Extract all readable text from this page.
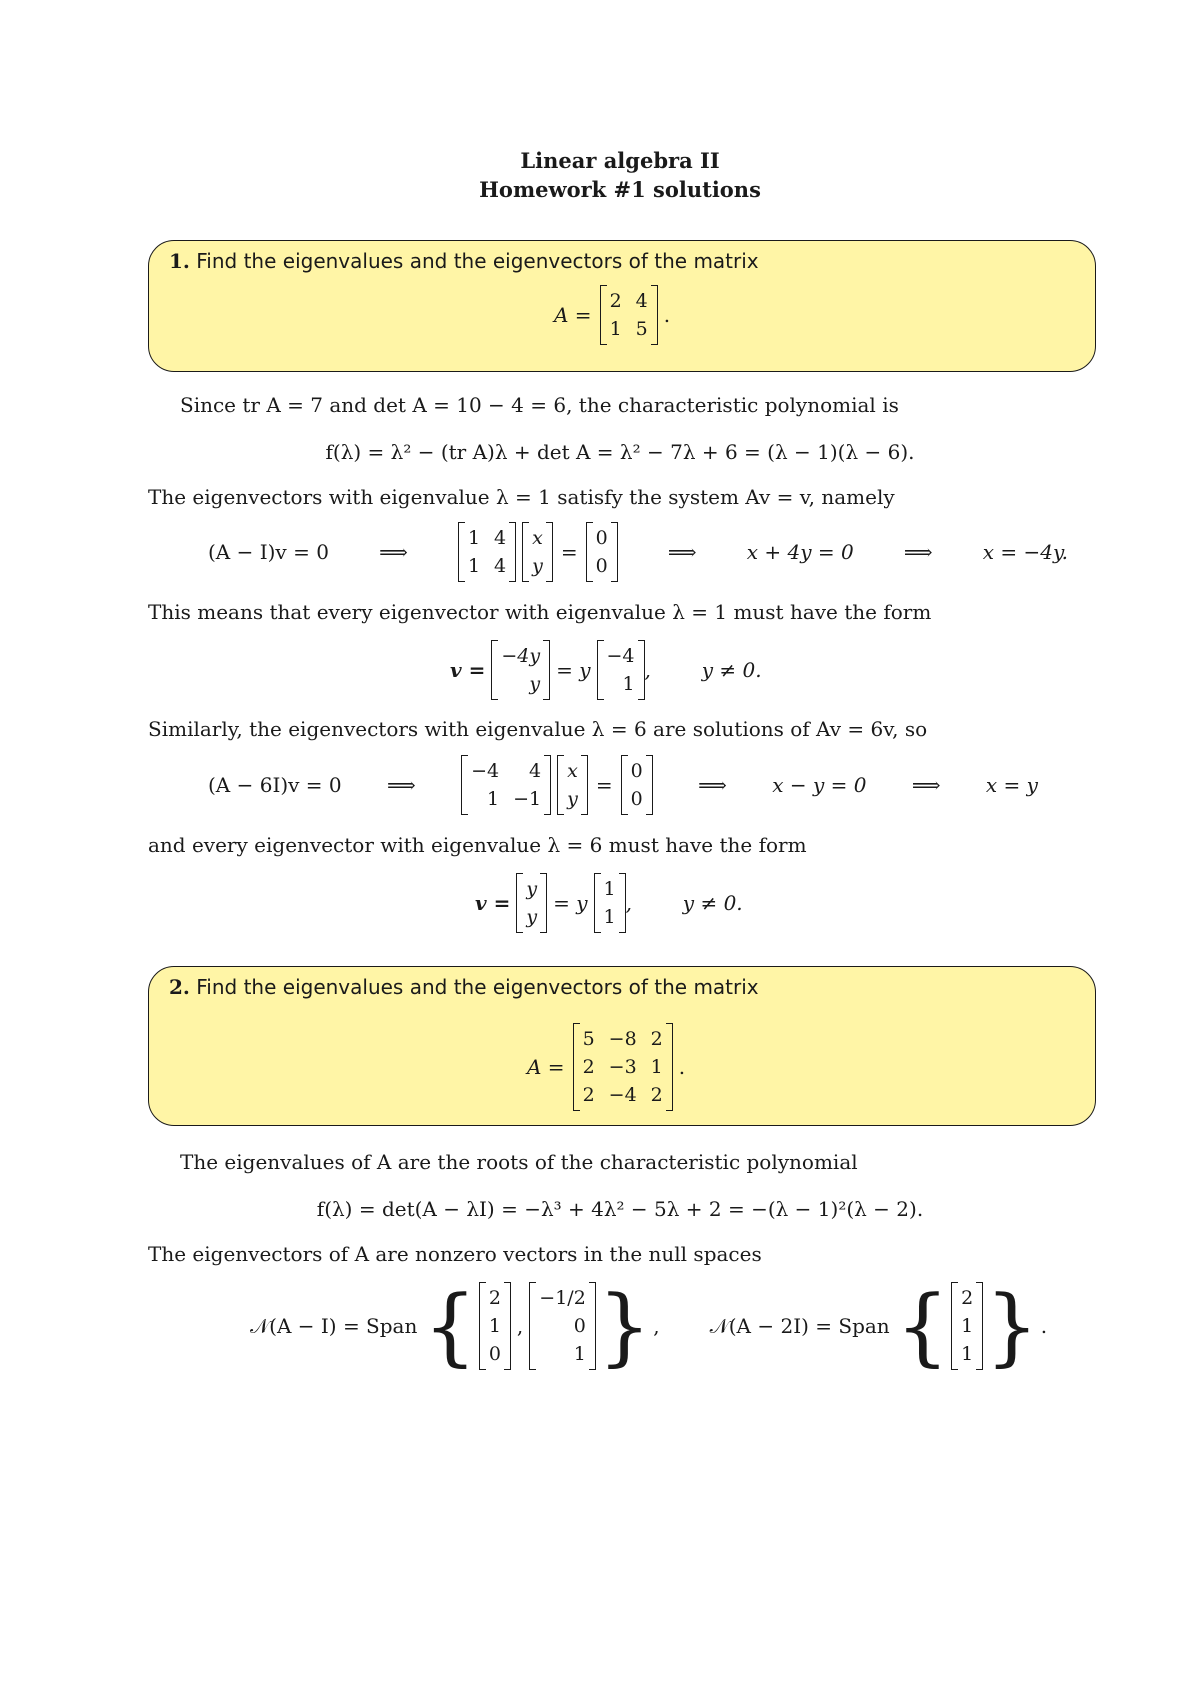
Linear algebra II
Homework #1 solutions
1. Find the eigenvalues and the eigenvectors of the matrix
A =
2 4
1 5
.
Since tr A = 7 and det A = 10 − 4 = 6, the characteristic polynomial is
f(λ) = λ² − (tr A)λ + det A = λ² − 7λ + 6 = (λ − 1)(λ − 6).
The eigenvectors with eigenvalue λ = 1 satisfy the system Av = v, namely
(A − I)v = 0	⟹
1 4
1 4
x
y
=
0
0
⟹	x + 4y = 0	⟹	x = −4y.
This means that every eigenvector with eigenvalue λ = 1 must have the form
v =
−4y
y
= y
−4
1
,        y ≠ 0.
Similarly, the eigenvectors with eigenvalue λ = 6 are solutions of Av = 6v, so
(A − 6I)v = 0 ⟹
−4	4
1 −1
x
y
=
0
0
⟹ x − y = 0 ⟹ x = y
and every eigenvector with eigenvalue λ = 6 must have the form
v =
y
y
= y
1
1
,        y ≠ 0.
2. Find the eigenvalues and the eigenvectors of the matrix
A =
5 −8 2
2 −3 1
2 −4 2
.
The eigenvalues of A are the roots of the characteristic polynomial
f(λ) = det(A − λI) = −λ³ + 4λ² − 5λ + 2 = −(λ − 1)²(λ − 2).
The eigenvectors of A are nonzero vectors in the null spaces
𝒩(A − I) = Span { 2
1
0
,
−1/2
0
1 } ,	𝒩(A − 2I) = Span { 2
1
1 } .
